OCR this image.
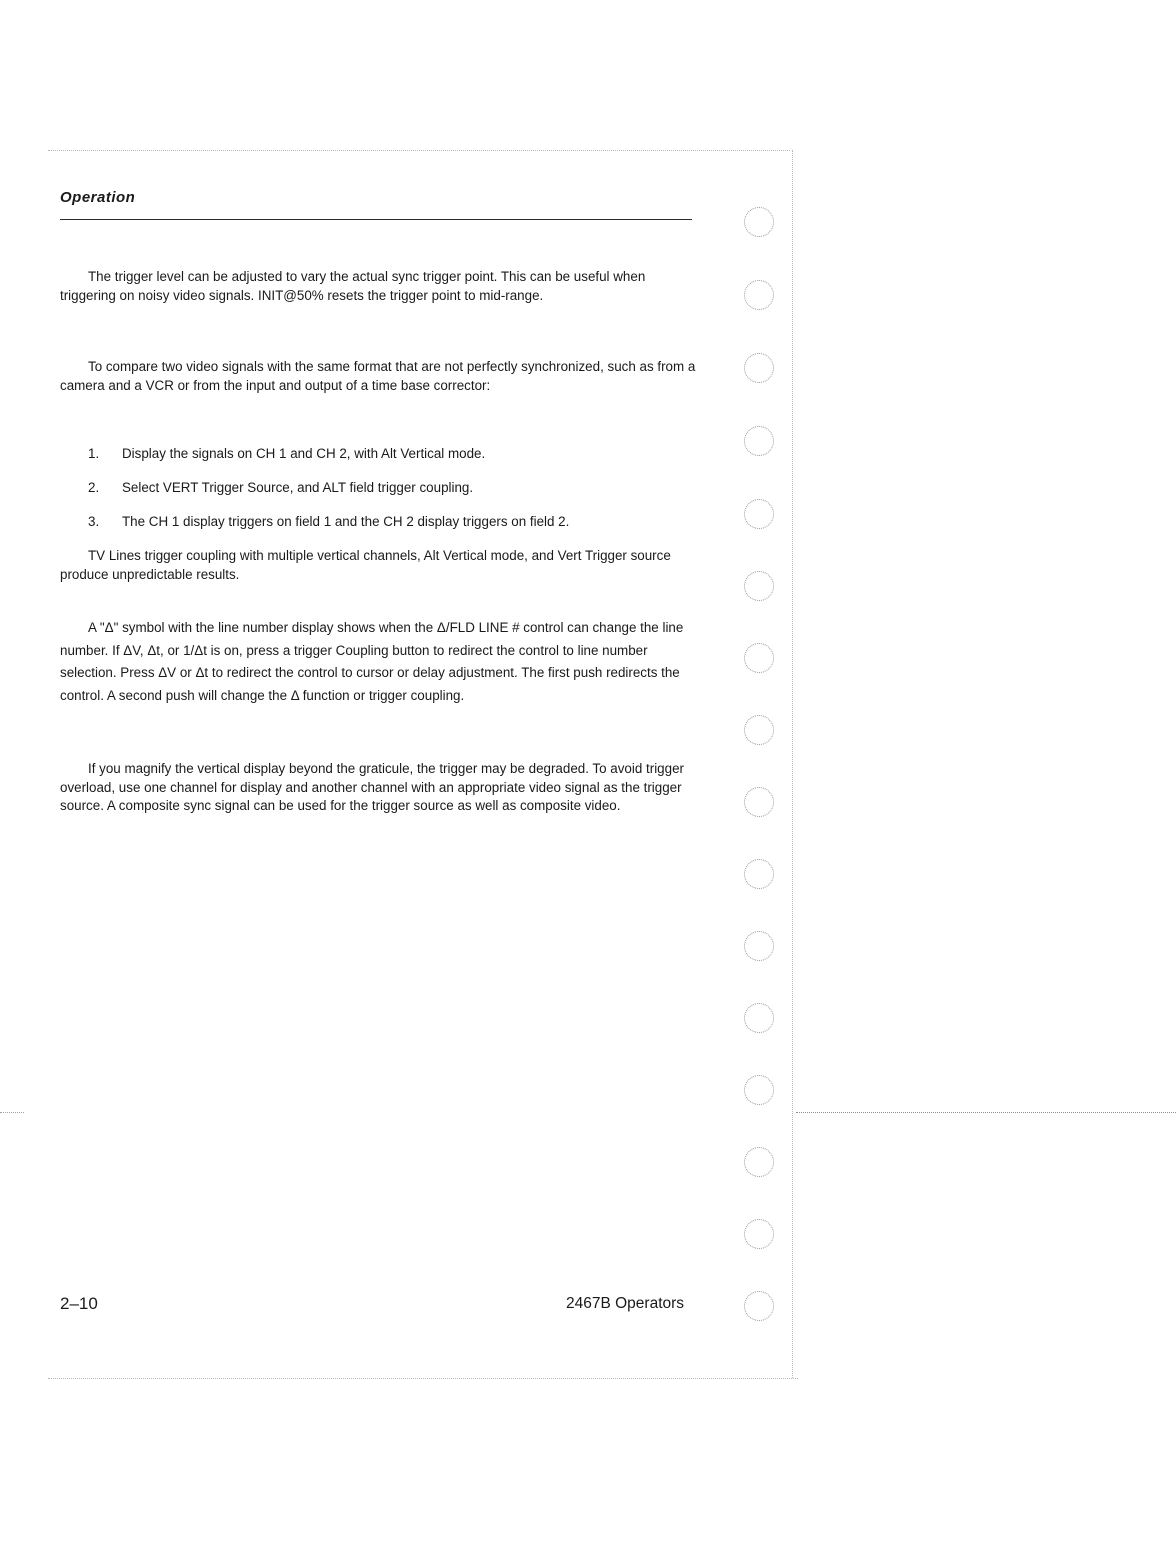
Operation

The trigger level can be adjusted to vary the actual sync trigger point. This can be useful when triggering on noisy video signals. INIT@50% resets the trigger point to mid-range.

To compare two video signals with the same format that are not perfectly synchronized, such as from a camera and a VCR or from the input and output of a time base corrector:

1. Display the signals on CH 1 and CH 2, with Alt Vertical mode.
2. Select VERT Trigger Source, and ALT field trigger coupling.
3. The CH 1 display triggers on field 1 and the CH 2 display triggers on field 2.

TV Lines trigger coupling with multiple vertical channels, Alt Vertical mode, and Vert Trigger source produce unpredictable results.

A "Δ" symbol with the line number display shows when the Δ/FLD LINE # control can change the line number. If ΔV, Δt, or 1/Δt is on, press a trigger Coupling button to redirect the control to line number selection. Press ΔV or Δt to redirect the control to cursor or delay adjustment. The first push redirects the control. A second push will change the Δ function or trigger coupling.

If you magnify the vertical display beyond the graticule, the trigger may be degraded. To avoid trigger overload, use one channel for display and another channel with an appropriate video signal as the trigger source. A composite sync signal can be used for the trigger source as well as composite video.

2–10	2467B Operators
